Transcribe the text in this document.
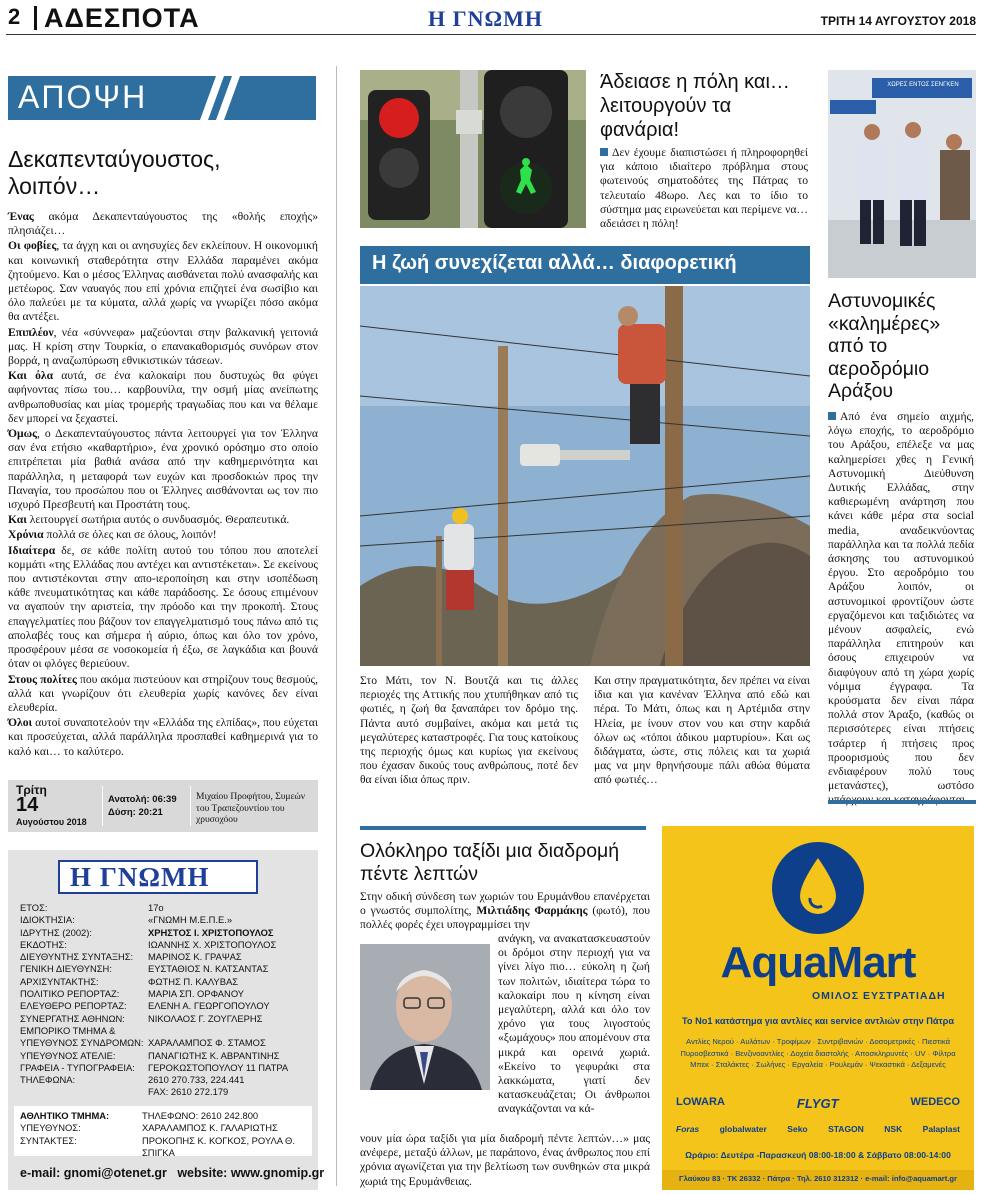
2 ΑΔΕΣΠΟΤΑ	Η ΓΝΩΜΗ	ΤΡΙΤΗ 14 ΑΥΓΟΥΣΤΟΥ 2018
ΑΠΟΨΗ
Δεκαπενταύγουστος,
λοιπόν…

Ένας ακόμα Δεκαπενταύγουστος της «θολής εποχής» πλησιάζει…

Οι φοβίες, τα άγχη και οι ανησυχίες δεν εκλείπουν. Η οικονομική και κοινωνική σταθερότητα στην Ελλάδα παραμένει ακόμα ζητούμενο. Και ο μέσος Έλληνας αισθάνεται πολύ ανασφαλής και μετέωρος. Σαν ναυαγός που επί χρόνια επιζητεί ένα σωσίβιο και όλο παλεύει με τα κύματα, αλλά χωρίς να γνωρίζει πόσο ακόμα θα αντέξει.

Επιπλέον, νέα «σύννεφα» μαζεύονται στην βαλκανική γειτονιά μας. Η κρίση στην Τουρκία, ο επανακαθορισμός συνόρων στον βορρά, η αναζωπύρωση εθνικιστικών τάσεων.

Και όλα αυτά, σε ένα καλοκαίρι που δυστυχώς θα φύγει αφήνοντας πίσω του… καρβουνίλα, την οσμή μίας ανείπωτης ανθρωποθυσίας και μίας τρομερής τραγωδίας που και να θέλαμε δεν μπορεί να ξεχαστεί.

Όμως, ο Δεκαπενταύγουστος πάντα λειτουργεί για τον Έλληνα σαν ένα ετήσιο «καθαρτήριο», ένα χρονικό ορόσημο στο οποίο επιτρέπεται μία βαθιά ανάσα από την καθημερινότητα και παράλληλα, η μεταφορά των ευχών και προσδοκιών προς την Παναγία, του προσώπου που οι Έλληνες αισθάνονται ως τον πιο ισχυρό Πρεσβευτή και Προστάτη τους.

Και λειτουργεί σωτήρια αυτός ο συνδυασμός. Θεραπευτικά.

Χρόνια πολλά σε όλες και σε όλους, λοιπόν!

Ιδιαίτερα δε, σε κάθε πολίτη αυτού του τόπου που αποτελεί κομμάτι «της Ελλάδας που αντέχει και αντιστέκεται». Σε εκείνους που αντιστέκονται στην απο-ιεροποίηση και στην ισοπέδωση κάθε πνευματικότητας και κάθε παράδοσης. Σε όσους επιμένουν να αγαπούν την αριστεία, την πρόοδο και την προκοπή. Στους επαγγελματίες που βάζουν τον επαγγελματισμό τους πάνω από τις απολαβές τους και σήμερα ή αύριο, όπως και όλο τον χρόνο, προσφέρουν μέσα σε νοσοκομεία ή έξω, σε λαγκάδια και βουνά όταν οι φλόγες θεριεύουν.

Στους πολίτες που ακόμα πιστεύουν και στηρίζουν τους θεσμούς, αλλά και γνωρίζουν ότι ελευθερία χωρίς κανόνες δεν είναι ελευθερία.

Όλοι αυτοί συναποτελούν την «Ελλάδα της ελπίδας», που εύχεται και προσεύχεται, αλλά παράλληλα προσπαθεί καθημερινά για το καλό και… το καλύτερο.

Τρίτη
14
Αυγούστου 2018
Ανατολή: 06:39
Δύση: 20:21
Μιχαίου Προφήτου, Συμεών του Τραπεζουντίου του χρυσοχόου
Η ΓΝΩΜΗ
ΕΤΟΣ:	17ο
ΙΔΙΟΚΤΗΣΙΑ:	«ΓΝΩΜΗ Μ.Ε.Π.Ε.»
ΙΔΡΥΤΗΣ (2002):	ΧΡΗΣΤΟΣ Ι. ΧΡΙΣΤΟΠΟΥΛΟΣ
ΕΚΔΟΤΗΣ:	ΙΩΑΝΝΗΣ Χ. ΧΡΙΣΤΟΠΟΥΛΟΣ
ΔΙΕΥΘΥΝΤΗΣ ΣΥΝΤΑΞΗΣ:	ΜΑΡΙΝΟΣ Κ. ΓΡΑΨΑΣ
ΓΕΝΙΚΗ ΔΙΕΥΘΥΝΣΗ:	ΕΥΣΤΑΘΙΟΣ Ν. ΚΑΤΣΑΝΤΑΣ
ΑΡΧΙΣΥΝΤΑΚΤΗΣ:	ΦΩΤΗΣ Π. ΚΑΛΥΒΑΣ
ΠΟΛΙΤΙΚΟ ΡΕΠΟΡΤΑΖ:	ΜΑΡΙΑ ΣΠ. ΟΡΦΑΝΟΥ
ΕΛΕΥΘΕΡΟ ΡΕΠΟΡΤΑΖ:	ΕΛΕΝΗ Α. ΓΕΩΡΓΟΠΟΥΛΟΥ
ΣΥΝΕΡΓΑΤΗΣ ΑΘΗΝΩΝ:	ΝΙΚΟΛΑΟΣ Γ. ΖΟΥΓΛΕΡΗΣ
ΕΜΠΟΡΙΚΟ ΤΜΗΜΑ &
ΥΠΕΥΘΥΝΟΣ ΣΥΝΔΡΟΜΩΝ: ΧΑΡΑΛΑΜΠΟΣ Φ. ΣΤΑΜΟΣ
ΥΠΕΥΘΥΝΟΣ ΑΤΕΛΙΕ:	ΠΑΝΑΓΙΩΤΗΣ Κ. ΑΒΡΑΝΤΙΝΗΣ
ΓΡΑΦΕΙΑ - ΤΥΠΟΓΡΑΦΕΙΑ:	ΓΕΡΟΚΩΣΤΟΠΟΥΛΟΥ 11 ΠΑΤΡΑ
ΤΗΛΕΦΩΝΑ:	2610 270.733, 224.441
FAX: 2610 272.179
ΑΘΛΗΤΙΚΟ ΤΜΗΜΑ:	ΤΗΛΕΦΩΝΟ: 2610 242.800
ΥΠΕΥΘΥΝΟΣ:	ΧΑΡΑΛΑΜΠΟΣ Κ. ΓΑΛΑΡΙΩΤΗΣ
ΣΥΝΤΑΚΤΕΣ:	ΠΡΟΚΟΠΗΣ Κ. ΚΟΓΚΟΣ, ΡΟΥΛΑ Θ. ΣΠΙΓΚΑ
e-mail: gnomi@otenet.gr   website: www.gnomip.gr
Άδειασε η πόλη και… λειτουργούν τα φανάρια!

Δεν έχουμε διαπιστώσει ή πληροφορηθεί για κάποιο ιδιαίτερο πρόβλημα στους φωτεινούς σηματοδότες της Πάτρας το τελευταίο 48ωρο. Λες και το ίδιο το σύστημα μας ειρωνεύεται και περίμενε να… αδειάσει η πόλη!

Η ζωή συνεχίζεται αλλά… διαφορετική

Στο Μάτι, τον Ν. Βουτζά και τις άλλες περιοχές της Αττικής που χτυπήθηκαν από τις φωτιές, η ζωή θα ξαναπάρει τον δρόμο της. Πάντα αυτό συμβαίνει, ακόμα και μετά τις μεγαλύτερες καταστροφές. Για τους κατοίκους της περιοχής όμως και κυρίως για εκείνους που έχασαν δικούς τους ανθρώπους, ποτέ δεν θα είναι ίδια όπως πριν.

Και στην πραγματικότητα, δεν πρέπει να είναι ίδια και για κανέναν Έλληνα από εδώ και πέρα. Το Μάτι, όπως και η Αρτέμιδα στην Ηλεία, με ίνουν στον νου και στην καρδιά όλων ως «τόποι άδικου μαρτυρίου». Και ως διδάγματα, ώστε, στις πόλεις και τα χωριά μας να μην θρηνήσουμε πάλι αθώα θύματα από φωτιές…

ΧΩΡΕΣ ΕΝΤΟΣ ΣΕΝΓΚΕΝ
Αστυνομικές «καλημέρες» από το αεροδρόμιο Αράξου

Από ένα σημείο αιχμής, λόγω εποχής, το αεροδρόμιο του Αράξου, επέλεξε να μας καλημερίσει χθες η Γενική Αστυνομική Διεύθυνση Δυτικής Ελλάδας, στην καθιερωμένη ανάρτηση που κάνει κάθε μέρα στα social media, αναδεικνύοντας παράλληλα και τα πολλά πεδία άσκησης του αστυνομικού έργου. Στο αεροδρόμιο του Αράξου λοιπόν, οι αστυνομικοί φροντίζουν ώστε εργαζόμενοι και ταξιδιώτες να μένουν ασφαλείς, ενώ παράλληλα επιτηρούν και όσους επιχειρούν να διαφύγουν από τη χώρα χωρίς νόμιμα έγγραφα. Τα κρούσματα δεν είναι πάρα πολλά στον Άραξο, (καθώς οι περισσότερες είναι πτήσεις τσάρτερ ή πτήσεις προς προορισμούς που δεν ενδιαφέρουν πολύ τους μετανάστες), ωστόσο

Ολόκληρο ταξίδι μια διαδρομή πέντε λεπτών

Στην οδική σύνδεση των χωριών του Ερυμάνθου επανέρχεται ο γνωστός συμπολίτης, Μιλτιάδης Φαρμάκης (φωτό), που πολλές φορές έχει υπογραμμίσει την

ανάγκη, να ανακατασκευαστούν οι δρόμοι στην περιοχή για να γίνει λίγο πιο… εύκολη η ζωή των πολιτών, ιδιαίτερα τώρα το καλοκαίρι που η κίνηση είναι μεγαλύτερη, αλλά και όλο τον χρόνο για τους λιγοστούς «ξωμάχους» που απομένουν στα μικρά και ορεινά χωριά. «Εκείνο το γεφυράκι στα λακκώματα, γιατί δεν κατασκευάζεται; Οι άνθρωποι αναγκάζονται να κά-

νουν μία ώρα ταξίδι για μία διαδρομή πέντε λεπτών…» μας ανέφερε, μεταξύ άλλων, με παράπονο, ένας άνθρωπος που επί χρόνια αγωνίζεται για την βελτίωση των συνθηκών στα μικρά χωριά της Ερυμάνθειας.

AquaMart
ΟΜΙΛΟΣ ΕΥΣΤΡΑΤΙΑΔΗ
Το Νο1 κατάστημα για αντλίες και service αντλιών στην Πάτρα
Αντλίες Νερού · Αυλάτων · Τροφίμων · Συντριβανιών · Δοσομετρικές · Πιεστικά Πυροσβεστικά · Βενζινοαντλίες · Δοχεία διαστολής · Αποσκληρυντές · UV · Φίλτρα Μπεκ · Σταλάκτες · Σωλήνες · Εργαλεία · Ρουλεμάν · Ψεκαστικά · Δεξαμενές
LOWARA	FLYGT	WEDECO
Foras globalwater Seko STAGON NSK Palaplast
Ωράριο: Δευτέρα -Παρασκευή 08:00-18:00 & Σάββατο 08:00-14:00
Γλαύκου 83 · ΤΚ 26332 · Πάτρα · Τηλ. 2610 312312 · e-mail: info@aquamart.gr
